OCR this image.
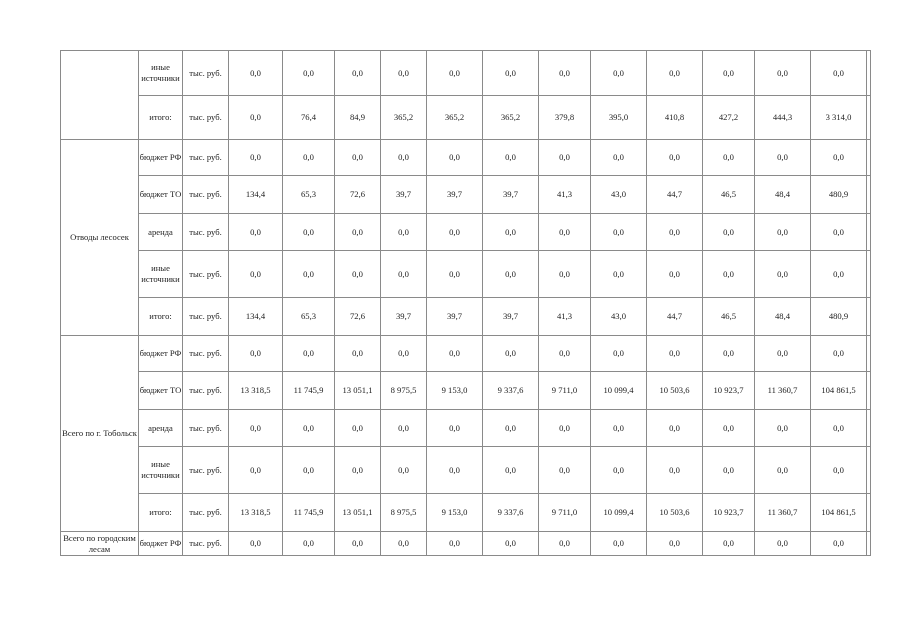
	иные источники	тыс. руб.	0,0	0,0	0,0	0,0	0,0	0,0	0,0	0,0	0,0	0,0	0,0	0,0	
	итого:	тыс. руб.	0,0	76,4	84,9	365,2	365,2	365,2	379,8	395,0	410,8	427,2	444,3	3 314,0	
Отводы лесосек	бюджет РФ	тыс. руб.	0,0	0,0	0,0	0,0	0,0	0,0	0,0	0,0	0,0	0,0	0,0	0,0	
	бюджет ТО	тыс. руб.	134,4	65,3	72,6	39,7	39,7	39,7	41,3	43,0	44,7	46,5	48,4	480,9	
	аренда	тыс. руб.	0,0	0,0	0,0	0,0	0,0	0,0	0,0	0,0	0,0	0,0	0,0	0,0	
	иные источники	тыс. руб.	0,0	0,0	0,0	0,0	0,0	0,0	0,0	0,0	0,0	0,0	0,0	0,0	
	итого:	тыс. руб.	134,4	65,3	72,6	39,7	39,7	39,7	41,3	43,0	44,7	46,5	48,4	480,9	
Всего по г. Тобольск	бюджет РФ	тыс. руб.	0,0	0,0	0,0	0,0	0,0	0,0	0,0	0,0	0,0	0,0	0,0	0,0	
	бюджет ТО	тыс. руб.	13 318,5	11 745,9	13 051,1	8 975,5	9 153,0	9 337,6	9 711,0	10 099,4	10 503,6	10 923,7	11 360,7	104 861,5	
	аренда	тыс. руб.	0,0	0,0	0,0	0,0	0,0	0,0	0,0	0,0	0,0	0,0	0,0	0,0	
	иные источники	тыс. руб.	0,0	0,0	0,0	0,0	0,0	0,0	0,0	0,0	0,0	0,0	0,0	0,0	
	итого:	тыс. руб.	13 318,5	11 745,9	13 051,1	8 975,5	9 153,0	9 337,6	9 711,0	10 099,4	10 503,6	10 923,7	11 360,7	104 861,5	
Всего по городским лесам	бюджет РФ	тыс. руб.	0,0	0,0	0,0	0,0	0,0	0,0	0,0	0,0	0,0	0,0	0,0	0,0	
